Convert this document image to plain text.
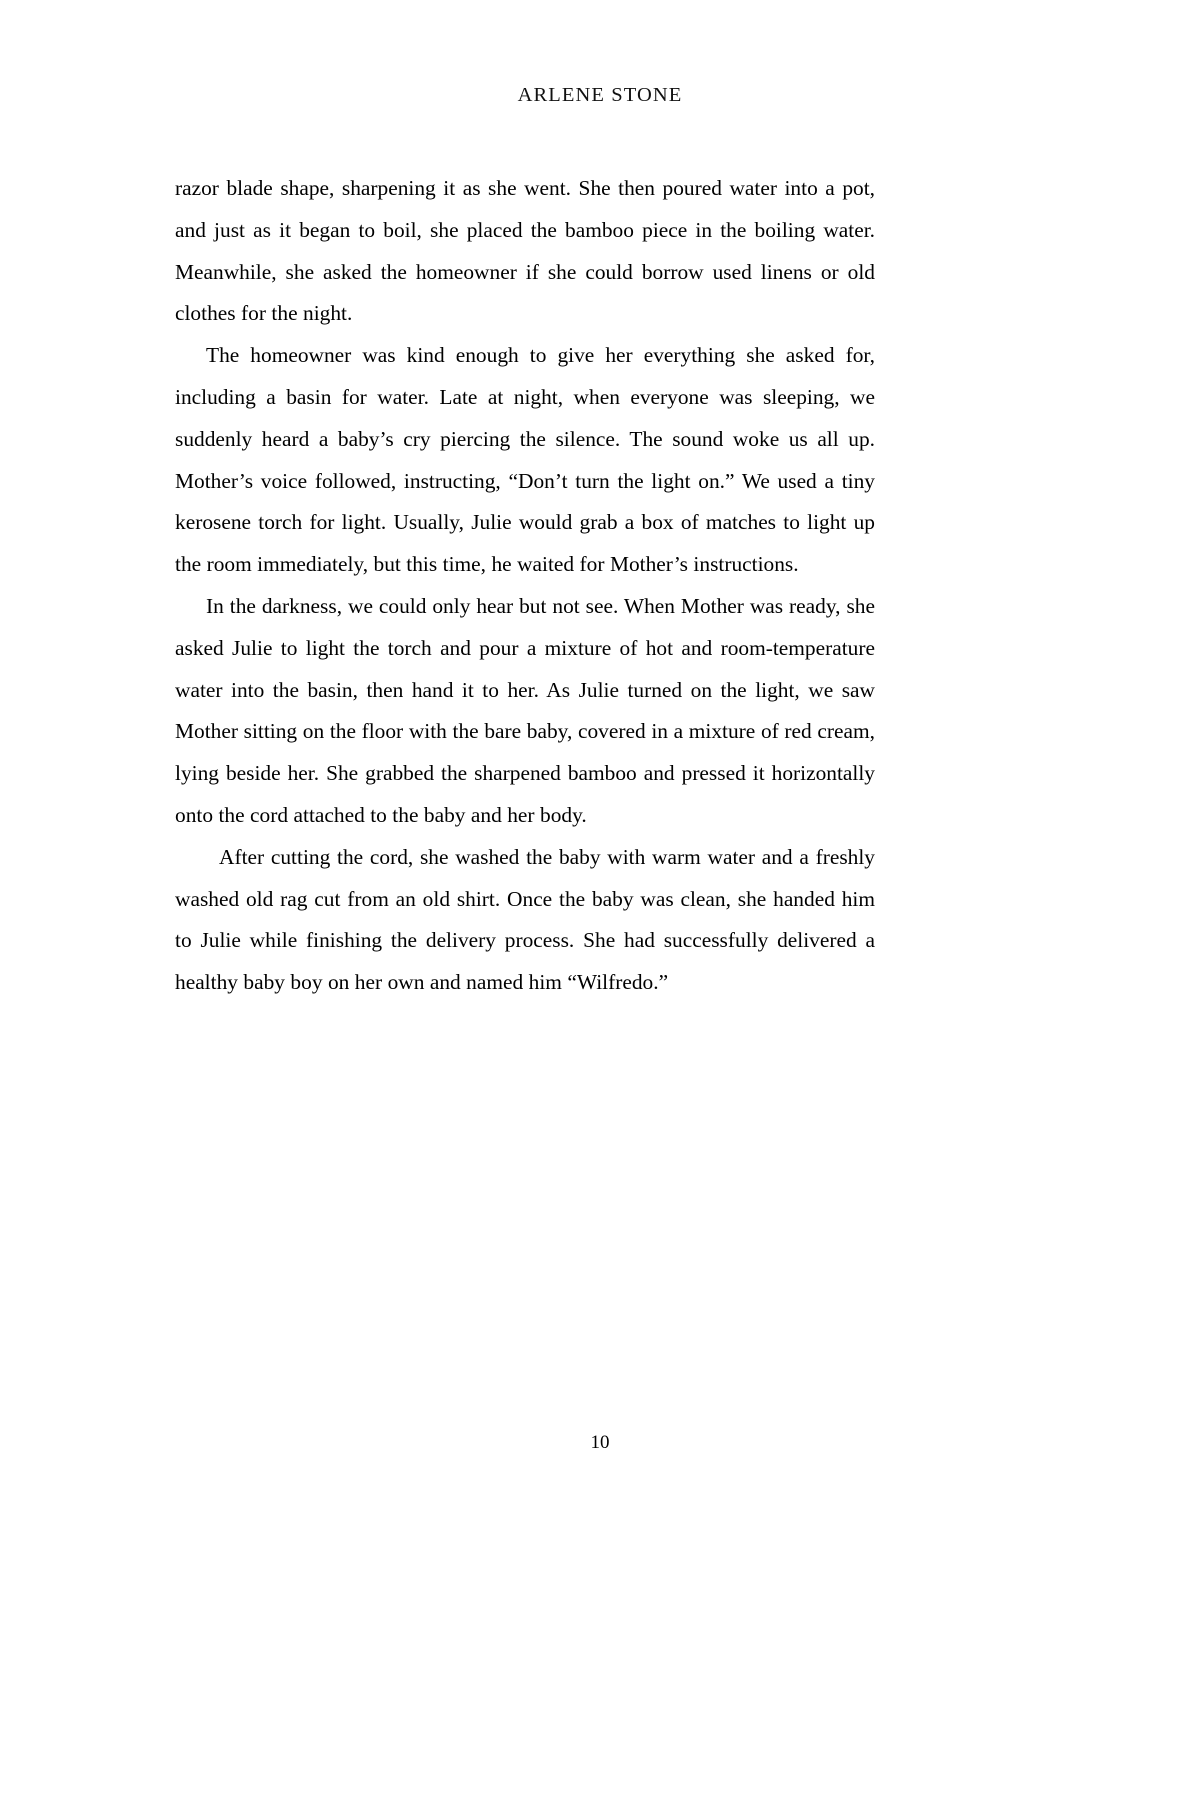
ARLENE STONE

razor blade shape, sharpening it as she went. She then poured water into a pot, and just as it began to boil, she placed the bamboo piece in the boiling water. Meanwhile, she asked the homeowner if she could borrow used linens or old clothes for the night.

The homeowner was kind enough to give her everything she asked for, including a basin for water. Late at night, when everyone was sleeping, we suddenly heard a baby’s cry piercing the silence. The sound woke us all up. Mother’s voice followed, instructing, “Don’t turn the light on.” We used a tiny kerosene torch for light. Usually, Julie would grab a box of matches to light up the room immediately, but this time, he waited for Mother’s instructions.

In the darkness, we could only hear but not see. When Mother was ready, she asked Julie to light the torch and pour a mixture of hot and room-temperature water into the basin, then hand it to her. As Julie turned on the light, we saw Mother sitting on the floor with the bare baby, covered in a mixture of red cream, lying beside her. She grabbed the sharpened bamboo and pressed it horizontally onto the cord attached to the baby and her body.

After cutting the cord, she washed the baby with warm water and a freshly washed old rag cut from an old shirt. Once the baby was clean, she handed him to Julie while finishing the delivery process. She had successfully delivered a healthy baby boy on her own and named him “Wilfredo.”

10
